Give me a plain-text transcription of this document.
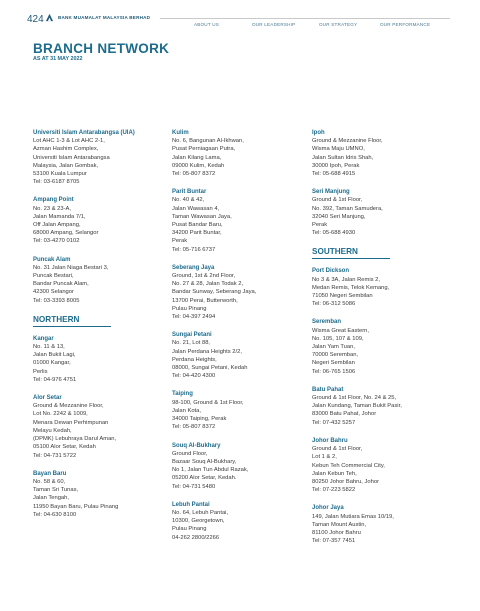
424	BANK MUAMALAT MALAYSIA BERHAD
ABOUT US	OUR LEADERSHIP	OUR STRATEGY	OUR PERFORMANCE
BRANCH NETWORK
AS AT 31 MAY 2022
Universiti Islam Antarabangsa (UIA)
Lot AHC 1-3 & Lot AHC 2-1,
Azman Hashim Complex,
Universiti Islam Antarabangsa
Malaysia, Jalan Gombak,
53100 Kuala Lumpur
Tel: 03-6187 8705
Ampang Point
No. 23 & 23-A,
Jalan Mamanda 7/1,
Off Jalan Ampang,
68000 Ampang, Selangor
Tel: 03-4270 0102
Puncak Alam
No. 31 Jalan Niaga Bestari 3,
Puncak Bestari,
Bandar Puncak Alam,
42300 Selangor
Tel: 03-3393 8005
NORTHERN
Kangar
No. 11 & 13,
Jalan Bukit Lagi,
01000 Kangar,
Perlis
Tel: 04-976 4751
Alor Setar
Ground & Mezzanine Floor,
Lot No. 2242 & 1009,
Menara Dewan Perhimpunan
Melayu Kedah,
(DPMK) Lebuhraya Darul Aman,
05100 Alor Setar, Kedah
Tel: 04-731 5722
Bayan Baru
No. 58 & 60,
Taman Sri Tunas,
Jalan Tengah,
11950 Bayan Baru, Pulau Pinang
Tel: 04-630 8100
Kulim
No. 6, Bangunan Al-Ikhwan,
Pusat Perniagaan Putra,
Jalan Kilang Lama,
09000 Kulim, Kedah
Tel: 05-807 8372
Parit Buntar
No. 40 & 42,
Jalan Wawasan 4,
Taman Wawasan Jaya,
Pusat Bandar Baru,
34200 Parit Buntar,
Perak
Tel: 05-716 6737
Seberang Jaya
Ground, 1st & 2nd Floor,
No. 27 & 28, Jalan Todak 2,
Bandar Sunway, Seberang Jaya,
13700 Perai, Butterworth,
Pulau Pinang
Tel: 04-397 2494
Sungai Petani
No. 21, Lot 88,
Jalan Perdana Heights 2/2,
Perdana Heights,
08000, Sungai Petani, Kedah
Tel: 04-420 4300
Taiping
98-100, Ground & 1st Floor,
Jalan Kota,
34000 Taiping, Perak
Tel: 05-807 8372
Souq Al-Bukhary
Ground Floor,
Bazaar Souq Al-Bukhary,
No 1, Jalan Tun Abdul Razak,
05200 Alor Setar, Kedah.
Tel: 04-731 5480
Lebuh Pantai
No. 64, Lebuh Pantai,
10300, Georgetown,
Pulau Pinang
04-262 2800/2266
Ipoh
Ground & Mezzanine Floor,
Wisma Maju UMNO,
Jalan Sultan Idris Shah,
30000 Ipoh, Perak
Tel: 05-688 4915
Seri Manjung
Ground & 1st Floor,
No. 392, Taman Samudera,
32040 Seri Manjung,
Perak
Tel: 05-688 4930
SOUTHERN
Port Dickson
No 3 & 3A, Jalan Remis 2,
Medan Remis, Telok Kemang,
71050 Negeri Sembilan
Tel: 06-312 5086
Seremban
Wisma Great Eastern,
No. 105, 107 & 109,
Jalan Yam Tuan,
70000 Seremban,
Negeri Sembilan
Tel: 06-765 1506
Batu Pahat
Ground & 1st Floor, No. 24 & 25,
Jalan Kundang, Taman Bukit Pasir,
83000 Batu Pahat, Johor
Tel: 07-432 5257
Johor Bahru
Ground & 1st Floor,
Lot 1 & 2,
Kebun Teh Commercial City,
Jalan Kebun Teh,
80250 Johor Bahru, Johor
Tel: 07-223 5822
Johor Jaya
149, Jalan Mutiara Emas 10/19,
Taman Mount Austin,
81100 Johor Bahru
Tel: 07-357 7451
